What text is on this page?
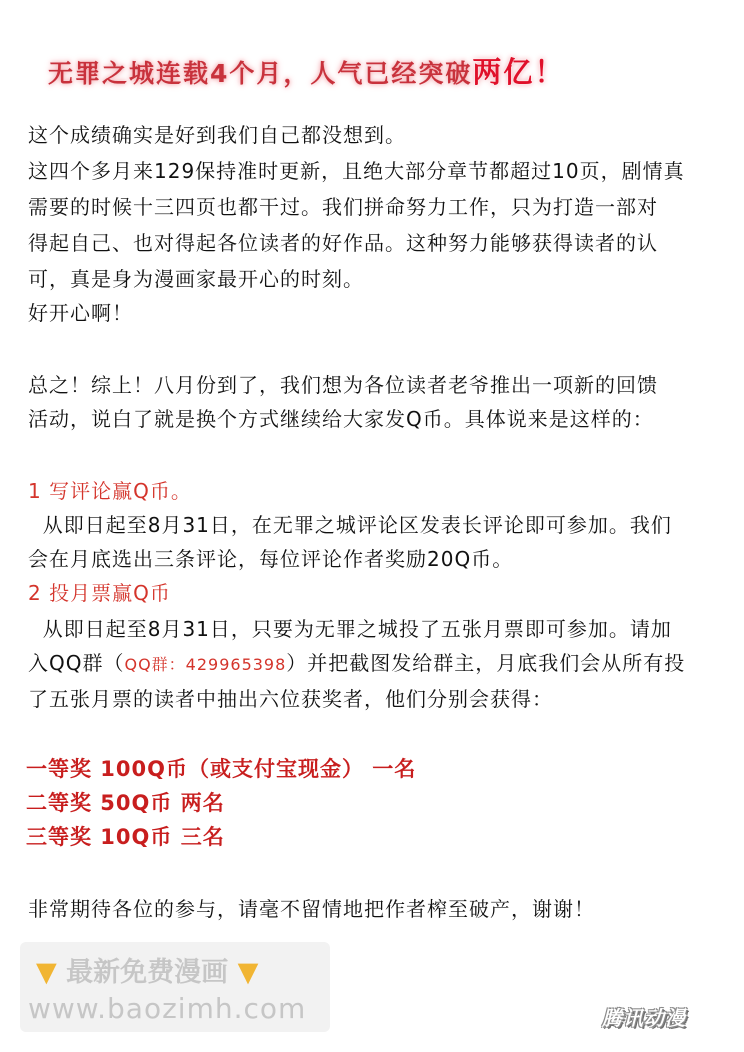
无罪之城连载4个月，人气已经突破两亿！
这个成绩确实是好到我们自己都没想到。
这四个多月来129保持准时更新，且绝大部分章节都超过10页，剧情真
需要的时候十三四页也都干过。我们拼命努力工作，只为打造一部对
得起自己、也对得起各位读者的好作品。这种努力能够获得读者的认
可，真是身为漫画家最开心的时刻。
好开心啊！
总之！综上！八月份到了，我们想为各位读者老爷推出一项新的回馈
活动，说白了就是换个方式继续给大家发Q币。具体说来是这样的：
1 写评论赢Q币。
从即日起至8月31日，在无罪之城评论区发表长评论即可参加。我们
会在月底选出三条评论，每位评论作者奖励20Q币。
2 投月票赢Q币
从即日起至8月31日，只要为无罪之城投了五张月票即可参加。请加
入QQ群（QQ群：429965398）并把截图发给群主，月底我们会从所有投
了五张月票的读者中抽出六位获奖者，他们分别会获得：
一等奖 100Q币（或支付宝现金） 一名
二等奖 50Q币 两名
三等奖 10Q币 三名
非常期待各位的参与，请毫不留情地把作者榨至破产，谢谢！
▼ 最新免费漫画 ▼
www.baozimh.com	腾讯动漫
